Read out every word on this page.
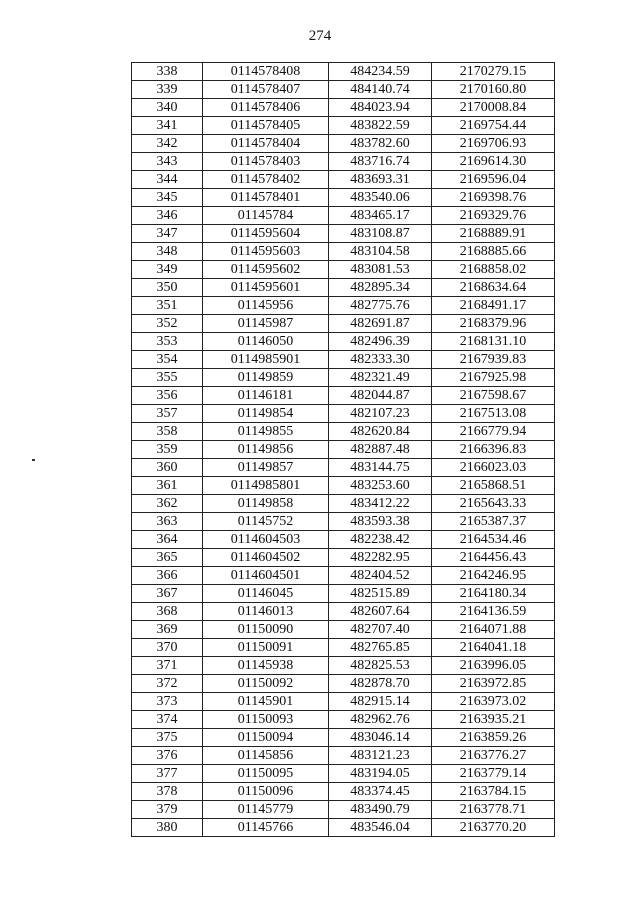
274
338	0114578408	484234.59	2170279.15
339	0114578407	484140.74	2170160.80
340	0114578406	484023.94	2170008.84
341	0114578405	483822.59	2169754.44
342	0114578404	483782.60	2169706.93
343	0114578403	483716.74	2169614.30
344	0114578402	483693.31	2169596.04
345	0114578401	483540.06	2169398.76
346	01145784	483465.17	2169329.76
347	0114595604	483108.87	2168889.91
348	0114595603	483104.58	2168885.66
349	0114595602	483081.53	2168858.02
350	0114595601	482895.34	2168634.64
351	01145956	482775.76	2168491.17
352	01145987	482691.87	2168379.96
353	01146050	482496.39	2168131.10
354	0114985901	482333.30	2167939.83
355	01149859	482321.49	2167925.98
356	01146181	482044.87	2167598.67
357	01149854	482107.23	2167513.08
358	01149855	482620.84	2166779.94
359	01149856	482887.48	2166396.83
360	01149857	483144.75	2166023.03
361	0114985801	483253.60	2165868.51
362	01149858	483412.22	2165643.33
363	01145752	483593.38	2165387.37
364	0114604503	482238.42	2164534.46
365	0114604502	482282.95	2164456.43
366	0114604501	482404.52	2164246.95
367	01146045	482515.89	2164180.34
368	01146013	482607.64	2164136.59
369	01150090	482707.40	2164071.88
370	01150091	482765.85	2164041.18
371	01145938	482825.53	2163996.05
372	01150092	482878.70	2163972.85
373	01145901	482915.14	2163973.02
374	01150093	482962.76	2163935.21
375	01150094	483046.14	2163859.26
376	01145856	483121.23	2163776.27
377	01150095	483194.05	2163779.14
378	01150096	483374.45	2163784.15
379	01145779	483490.79	2163778.71
380	01145766	483546.04	2163770.20
